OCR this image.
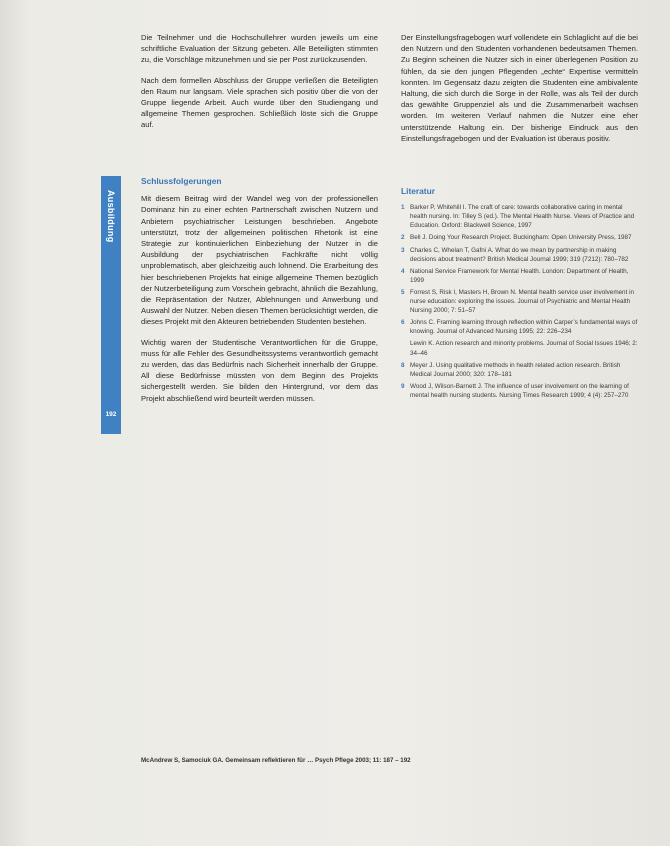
Die Teilnehmer und die Hochschullehrer wurden jeweils um eine schriftliche Evaluation der Sitzung gebeten. Alle Beteiligten stimmten zu, die Vorschläge mitzunehmen und sie per Post zurückzusenden.

Nach dem formellen Abschluss der Gruppe verließen die Beteiligten den Raum nur langsam. Viele sprachen sich positiv über die von der Gruppe liegende Arbeit. Auch wurde über den Studiengang und allgemeine Themen gesprochen. Schließlich löste sich die Gruppe auf.

Ausbildung
192
Schlussfolgerungen

Mit diesem Beitrag wird der Wandel weg von der professionellen Dominanz hin zu einer echten Partnerschaft zwischen Nutzern und Anbietern psychiatrischer Leistungen beschrieben. Angebote unterstützt, trotz der allgemeinen politischen Rhetorik ist eine Strategie zur kontinuierlichen Einbeziehung der Nutzer in die Ausbildung der psychiatrischen Fachkräfte nicht völlig unproblematisch, aber gleichzeitig auch lohnend. Die Erarbeitung des hier beschriebenen Projekts hat einige allgemeine Themen bezüglich der Nutzerbeteiligung zum Vorschein gebracht, ähnlich die Bezahlung, die Repräsentation der Nutzer, Ablehnungen und Anwerbung und Auswahl der Nutzer. Neben diesen Themen berücksichtigt werden, die dieses Projekt mit den Akteuren betriebenden Studenten bestehen.

Wichtig waren der Studentische Verantwortlichen für die Gruppe, muss für alle Fehler des Gesundheitssystems verantwortlich gemacht zu werden, das das Bedürfnis nach Sicherheit innerhalb der Gruppe. All diese Bedürfnisse müssten von dem Beginn des Projekts sichergestellt werden. Sie bilden den Hintergrund, vor dem das Projekt abschließend wird beurteilt werden müssen.

Der Einstellungsfragebogen wurf vollendete ein Schlaglicht auf die bei den Nutzern und den Studenten vorhandenen bedeutsamen Themen. Zu Beginn scheinen die Nutzer sich in einer überlegenen Position zu fühlen, da sie den jungen Pflegenden „echte“ Expertise vermitteln konnten. Im Gegensatz dazu zeigten die Studenten eine ambivalente Haltung, die sich durch die Sorge in der Rolle, was als Teil der durch das gewählte Gruppenziel als und die Zusammenarbeit wachsen worden. Im weiteren Verlauf nahmen die Nutzer eine eher unterstützende Haltung ein. Der bisherige Eindruck aus den Einstellungsfragebogen und der Evaluation ist überaus positiv.

Literatur
1 Barker P, Whitehill I. The craft of care: towards collaborative caring in mental health nursing. In: Tilley S (ed.). The Mental Health Nurse. Views of Practice and Education. Oxford: Blackwell Science, 1997
2 Bell J. Doing Your Research Project. Buckingham: Open University Press, 1987
3 Charles C, Whelan T, Gafni A. What do we mean by partnership in making decisions about treatment? British Medical Journal 1999; 319 (7212): 780–782
4 National Service Framework for Mental Health. London: Department of Health, 1999
5 Forrest S, Risk I, Masters H, Brown N. Mental health service user involvement in nurse education: exploring the issues. Journal of Psychiatric and Mental Health Nursing 2000; 7: 51–57
6 Johns C. Framing learning through reflection within Carper’s fundamental ways of knowing. Journal of Advanced Nursing 1995; 22: 226–234
Lewin K. Action research and minority problems. Journal of Social Issues 1946; 2: 34–46
8 Meyer J. Using qualitative methods in health related action research. British Medical Journal 2000; 320: 178–181
9 Wood J, Wilson-Barnett J. The influence of user involvement on the learning of mental health nursing students. Nursing Times Research 1999; 4 (4): 257–270
McAndrew S, Samociuk GA. Gemeinsam reflektieren für … Psych Pflege 2003; 11: 187 – 192
